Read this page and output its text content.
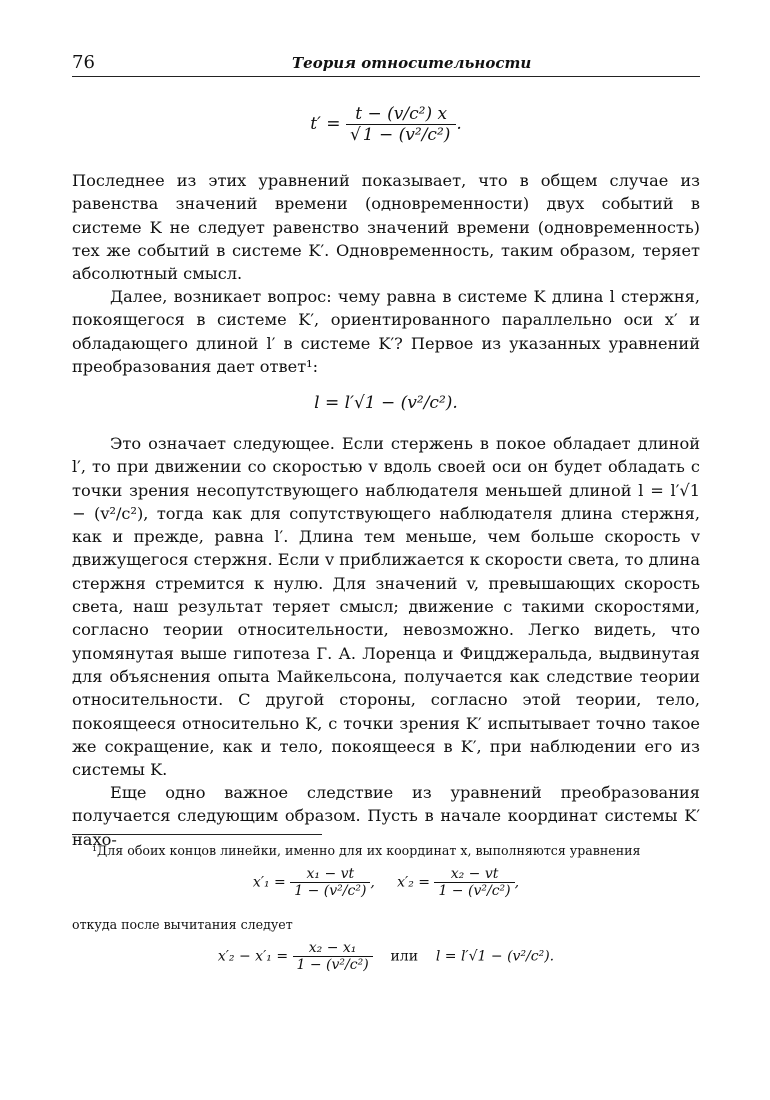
76	Теория относительности
$t' = \frac{\text{t − (v/c²) x}}{\text{√ 1 − (v²/c²)}}$ .

Последнее из этих уравнений показывает, что в общем случае из равенства значений времени (одновременности) двух событий в системе K не следует равенство значений времени (одновременность) тех же событий в системе K′. Одновременность, таким образом, теряет абсолютный смысл.

Далее, возникает вопрос: чему равна в системе K длина l стержня, покоящегося в системе K′, ориентированного параллельно оси x′ и обладающего длиной l′ в системе K′? Первое из указанных уравнений преобразования дает ответ¹:

l = l′√1 − (v²/c²).

Это означает следующее. Если стержень в покое обладает длиной l′, то при движении со скоростью v вдоль своей оси он будет обладать с точки зрения несопутствующего наблюдателя меньшей длиной l = l′√1 − (v²/c²), тогда как для сопутствующего наблюдателя длина стержня, как и прежде, равна l′. Длина тем меньше, чем больше скорость v движущегося стержня. Если v приближается к скорости света, то длина стержня стремится к нулю. Для значений v, превышающих скорость света, наш результат теряет смысл; движение с такими скоростями, согласно теории относительности, невозможно. Легко видеть, что упомянутая выше гипотеза Г. А. Лоренца и Фицджеральда, выдвинутая для объяснения опыта Майкельсона, получается как следствие теории относительности. С другой стороны, согласно этой теории, тело, покоящееся относительно K, с точки зрения K′ испытывает точно такое же сокращение, как и тело, покоящееся в K′, при наблюдении его из системы K.

Еще одно важное следствие из уравнений преобразования получается следующим образом. Пусть в начале координат системы K′ нахо-

¹Для обоих концов линейки, именно для их координат x, выполняются уравнения
$x'_1 = \frac{\text{x₁ − vt}}{\text{1 − (v²/c²)}}$ , $x'_2 = \frac{\text{x₂ − vt}}{\text{1 − (v²/c²)}}$ ,
откуда после вычитания следует
$x'_2 - x'_1 = \frac{\text{x₂ − x₁}}{\text{1 − (v²/c²)}}$ или l = l′√1 − (v²/c²).
